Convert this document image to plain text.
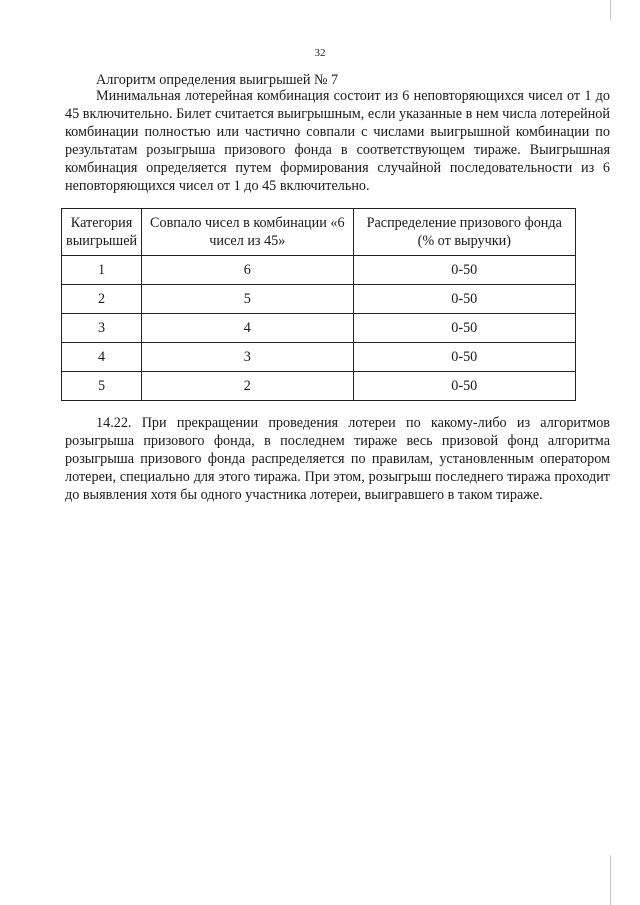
32
Алгоритм определения выигрышей № 7

Минимальная лотерейная комбинация состоит из 6 неповторяющихся чисел от 1 до 45 включительно. Билет считается выигрышным, если указанные в нем числа лотерейной комбинации полностью или частично совпали с числами выигрышной комбинации по результатам розыгрыша призового фонда в соответствующем тираже. Выигрышная комбинация определяется путем формирования случайной последовательности из 6 неповторяющихся чисел от 1 до 45 включительно.

Категория выигрышей	Совпало чисел в комбинации «6 чисел из 45»	Распределение призового фонда (% от выручки)
1	6	0-50
2	5	0-50
3	4	0-50
4	3	0-50
5	2	0-50

14.22. При прекращении проведения лотереи по какому-либо из алгоритмов розыгрыша призового фонда, в последнем тираже весь призовой фонд алгоритма розыгрыша призового фонда распределяется по правилам, установленным оператором лотереи, специально для этого тиража. При этом, розыгрыш последнего тиража проходит до выявления хотя бы одного участника лотереи, выигравшего в таком тираже.
